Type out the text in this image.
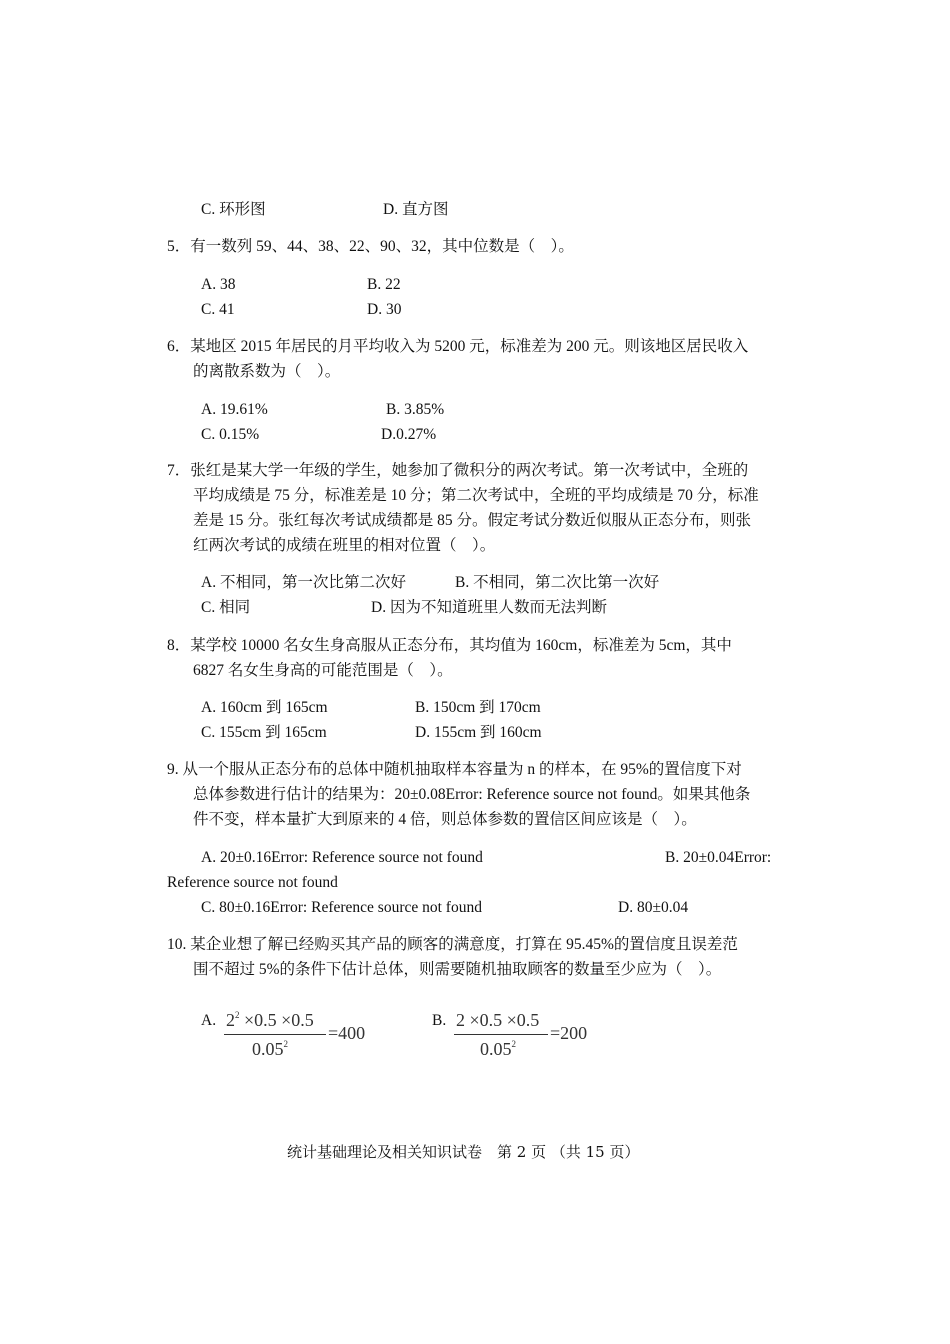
C. 环形图	D. 直方图
5．有一数列 59、44、38、22、90、32，其中位数是（　）。
A. 38	B. 22
C. 41	D. 30
6．某地区 2015 年居民的月平均收入为 5200 元，标准差为 200 元。则该地区居民收入
的离散系数为（　）。
A. 19.61%	B. 3.85%
C. 0.15%	D.0.27%
7．张红是某大学一年级的学生，她参加了微积分的两次考试。第一次考试中，全班的
平均成绩是 75 分，标准差是 10 分；第二次考试中，全班的平均成绩是 70 分，标准
差是 15 分。张红每次考试成绩都是 85 分。假定考试分数近似服从正态分布，则张
红两次考试的成绩在班里的相对位置（　）。
A. 不相同，第一次比第二次好	B. 不相同，第二次比第一次好
C. 相同	D. 因为不知道班里人数而无法判断
8．某学校 10000 名女生身高服从正态分布，其均值为 160cm，标准差为 5cm，其中
6827 名女生身高的可能范围是（　）。
A. 160cm 到 165cm	B. 150cm 到 170cm
C. 155cm 到 165cm	D. 155cm 到 160cm
9. 从一个服从正态分布的总体中随机抽取样本容量为 n 的样本，在 95%的置信度下对
总体参数进行估计的结果为：20±0.08Error: Reference source not found。如果其他条
件不变，样本量扩大到原来的 4 倍，则总体参数的置信区间应该是（　）。
A. 20±0.16Error: Reference source not found	B. 20±0.04Error:
Reference source not found
C. 80±0.16Error: Reference source not found	D. 80±0.04
10. 某企业想了解已经购买其产品的顾客的满意度，打算在 95.45%的置信度且误差范
围不超过 5%的条件下估计总体，则需要随机抽取顾客的数量至少应为（　）。
A. $2^2 \times 0.5 \times 0.5$
$0.05^2$
=400
B. 2 ×0.5 ×0.5
$0.05^2$
=200
统计基础理论及相关知识试卷　第 2 页 （共 15 页）
